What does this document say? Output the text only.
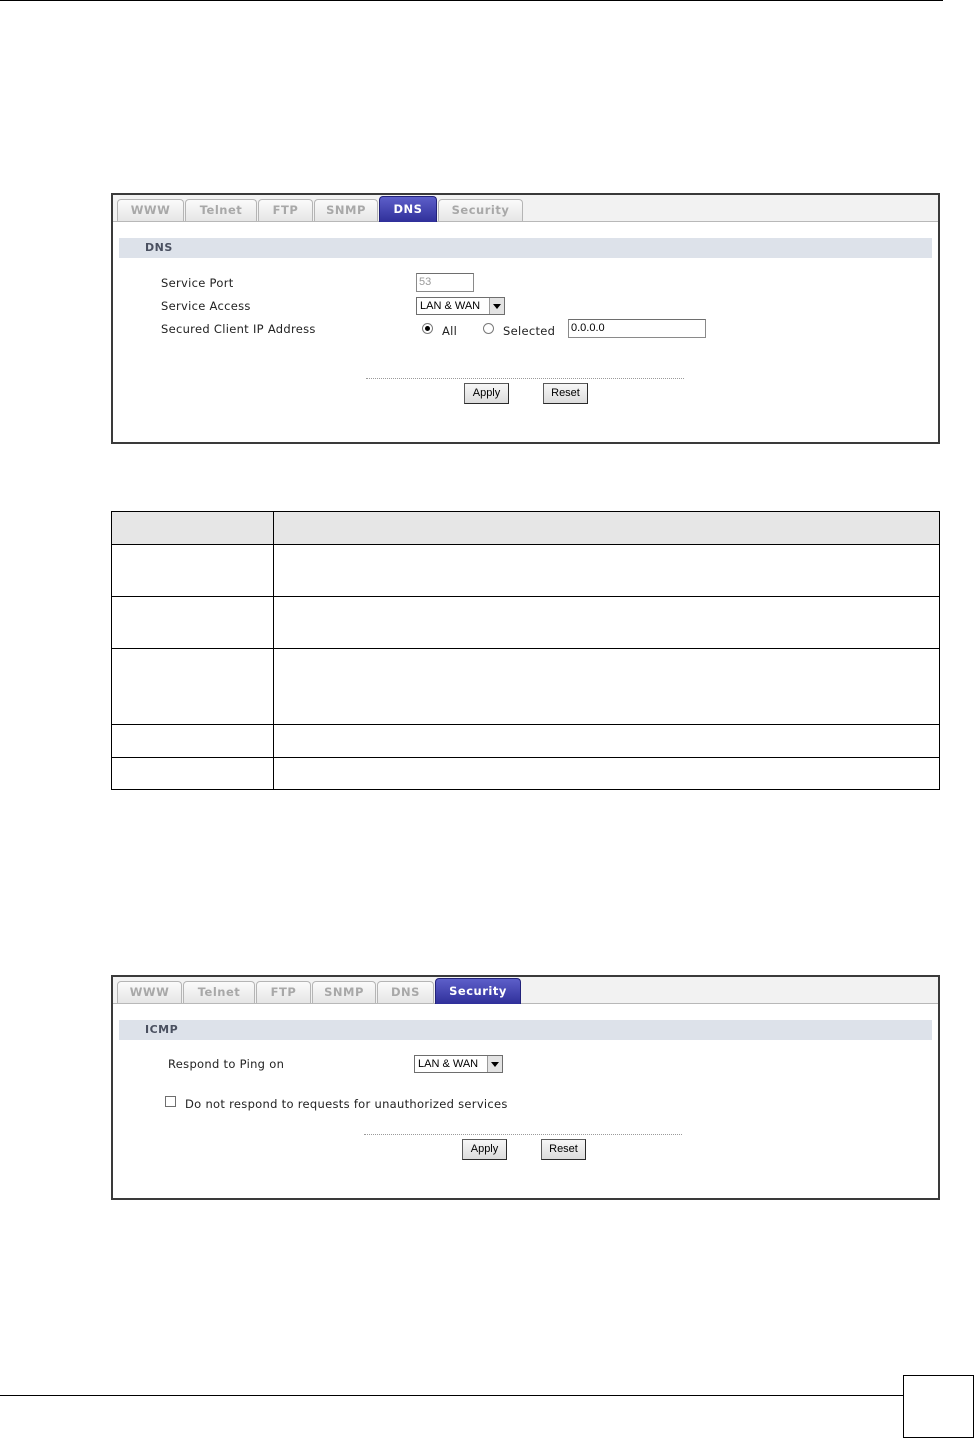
WWW	Telnet	FTP	SNMP	DNS	Security
DNS
Service Port	53
Service Access	LAN & WAN
Secured Client IP Address	All	Selected 0.0.0.0
Apply	Reset

WWW	Telnet	FTP	SNMP	DNS	Security
ICMP
Respond to Ping on	LAN & WAN
Do not respond to requests for unauthorized services
Apply	Reset
